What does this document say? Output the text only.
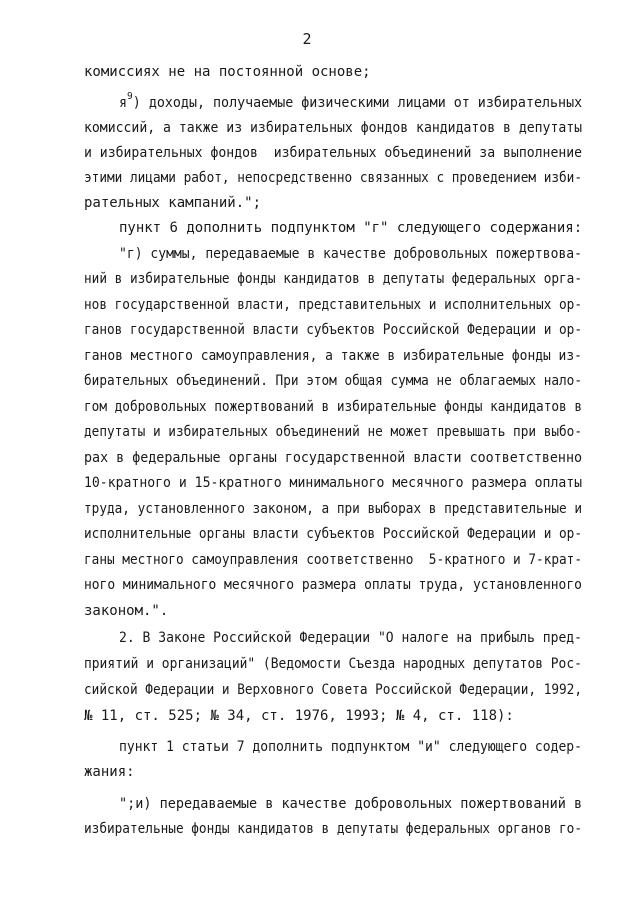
2
комиссиях не на постоянной основе;
$я^9$) доходы, получаемые физическими лицами от избирательных
комиссий, а также из избирательных фондов кандидатов в депутаты
и избирательных фондов  избирательных объединений за выполнение
этими лицами работ, непосредственно связанных с проведением изби-
рательных кампаний.";
пункт 6 дополнить подпунктом "г" следующего содержания:
"г) суммы, передаваемые в качестве добровольных пожертвова-
ний в избирательные фонды кандидатов в депутаты федеральных орга-
нов государственной власти, представительных и исполнительных ор-
ганов государственной власти субъектов Российской Федерации и ор-
ганов местного самоуправления, а также в избирательные фонды из-
бирательных объединений. При этом общая сумма не облагаемых нало-
гом добровольных пожертвований в избирательные фонды кандидатов в
депутаты и избирательных объединений не может превышать при выбо-
рах в федеральные органы государственной власти соответственно
10-кратного и 15-кратного минимального месячного размера оплаты
труда, установленного законом, а при выборах в представительные и
исполнительные органы власти субъектов Российской Федерации и ор-
ганы местного самоуправления соответственно  5-кратного и 7-крат-
ного минимального месячного размера оплаты труда, установленного
законом.".
2. В Законе Российской Федерации "О налоге на прибыль пред-
приятий и организаций" (Ведомости Съезда народных депутатов Рос-
сийской Федерации и Верховного Совета Российской Федерации, 1992,
№ 11, ст. 525; № 34, ст. 1976, 1993; № 4, ст. 118):
пункт 1 статьи 7 дополнить подпунктом "и" следующего содер-
жания:
";и) передаваемые в качестве добровольных пожертвований в
избирательные фонды кандидатов в депутаты федеральных органов го-
